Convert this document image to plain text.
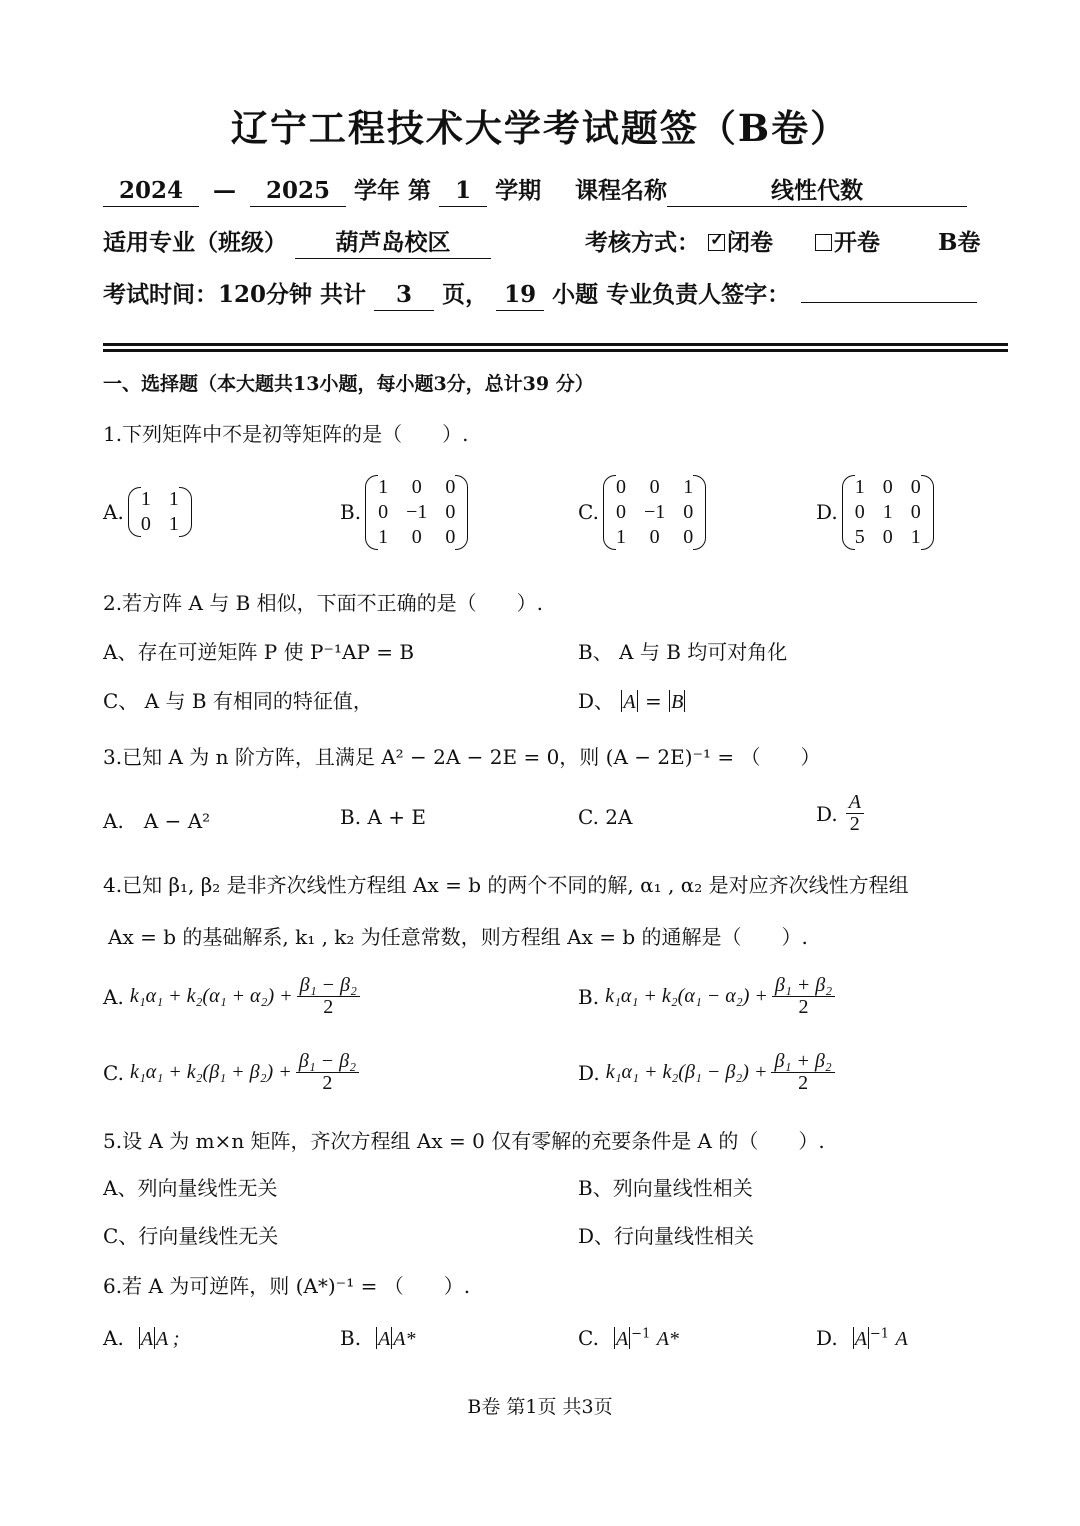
辽宁工程技术大学考试题签（B卷）
2024 — 2025 学年 第 1 学期 课程名称	线性代数
适用专业（班级） 葫芦岛校区	考核方式： ✓ 闭卷	开卷	B卷
考试时间：120分钟 共计 3 页， 19 小题 专业负责人签字：
一、选择题（本大题共13小题，每小题3分，总计39 分）
1.下列矩阵中不是初等矩阵的是（　　）.
A.
1	1
0	1	B.
1	0	0
0	−1	0
1	0	0
C.
0	0	1
0	−1	0
1	0	0
D.
1	0	0
0	1	0
5	0	1
2.若方阵 A 与 B 相似，下面不正确的是（　　）.
A、存在可逆矩阵 P 使 P⁻¹AP = B	B、 A 与 B 均可对角化
C、 A 与 B 有相同的特征值，	D、 A = B
3.已知 A 为 n 阶方阵，且满足 A² − 2A − 2E = 0，则 (A − 2E)⁻¹ = （　　）
A.　A − A²	B. A + E	C. 2A	D. $\frac{A}{2}$
4.已知 β₁, β₂ 是非齐次线性方程组 Ax = b 的两个不同的解, α₁ , α₂ 是对应齐次线性方程组
Ax = b 的基础解系, k₁ , k₂ 为任意常数，则方程组 Ax = b 的通解是（　　）.
A. $k_1\alpha_1 + k_2(\alpha_1 + \alpha_2) + \frac{\text{β₁ − β₂}}{2}$	B. $k_1\alpha_1 + k_2(\alpha_1 - \alpha_2) + \frac{\text{β₁ + β₂}}{2}$
C. $k_1\alpha_1 + k_2(\beta_1 + \beta_2) + \frac{\text{β₁ − β₂}}{2}$	D. $k_1\alpha_1 + k_2(\beta_1 - \beta_2) + \frac{\text{β₁ + β₂}}{2}$
5.设 A 为 m×n 矩阵，齐次方程组 Ax = 0 仅有零解的充要条件是 A 的（　　）.
A、列向量线性无关	B、列向量线性相关
C、行向量线性无关	D、行向量线性相关
6.若 A 为可逆阵，则 (A*)⁻¹ = （　　）.
A. A A ;	B. A A*	C. A $^{-1}$ A*	D. A $^{-1}$ A
B卷 第1页 共3页
